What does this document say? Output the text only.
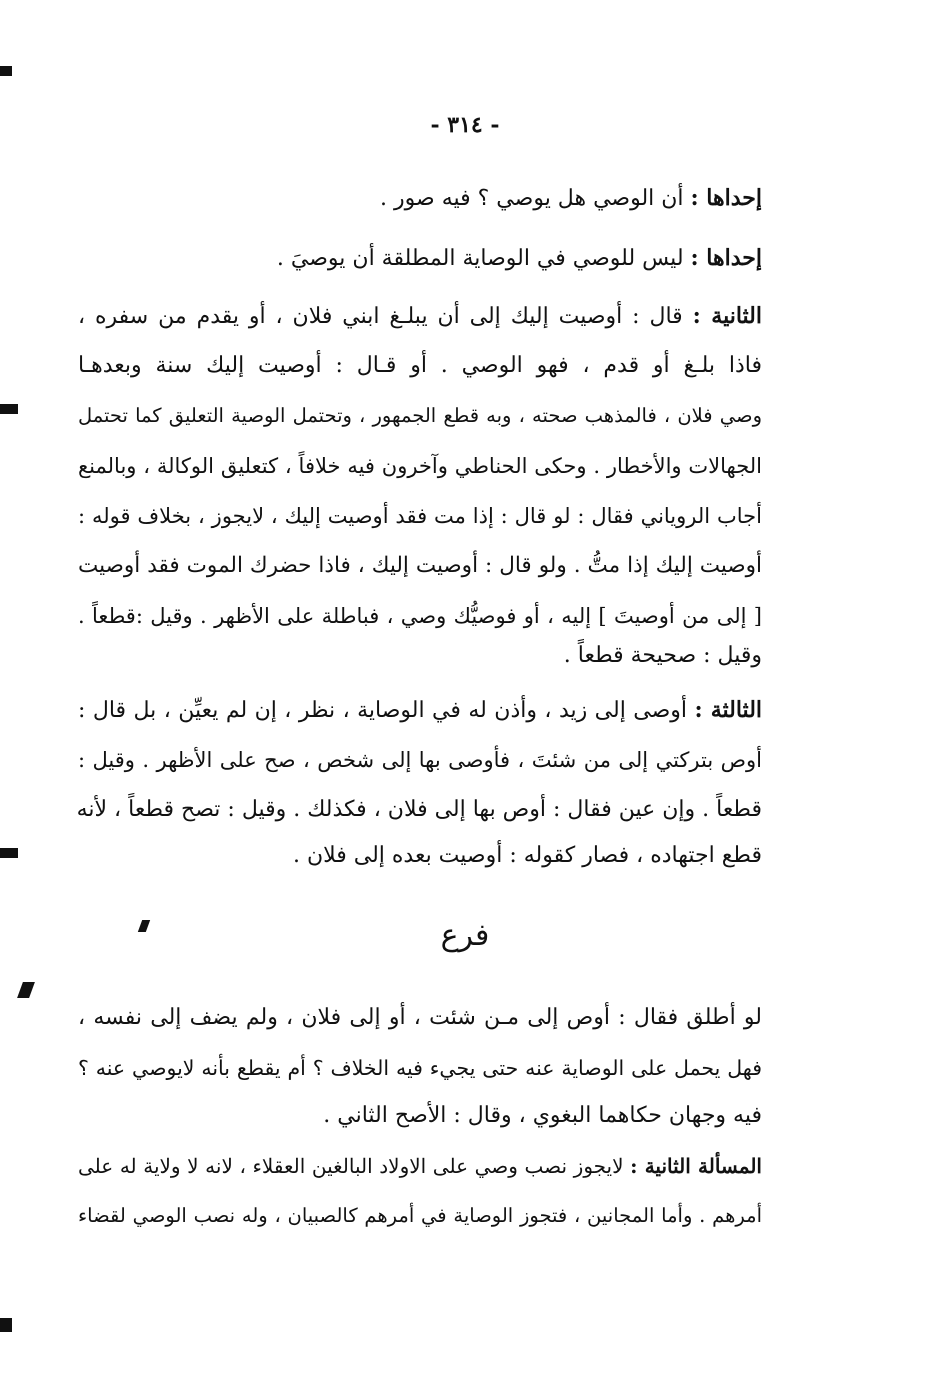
- ٣١٤ -
إحداها : أن الوصي هل يوصي ؟ فيه صور .
إحداها : ليس للوصي في الوصاية المطلقة أن يوصيَ .
الثانية : قال : أوصيت إليك إلى أن يبلـغ ابني فلان ، أو يقدم من سفره ،
فاذا بلـغ أو قدم ، فهو الوصي . أو قـال : أوصيت إليك سنة وبعدهـا
وصي فلان ، فالمذهب صحته ، وبه قطع الجمهور ، وتحتمل الوصية التعليق كما تحتمل
الجهالات والأخطار . وحكى الحناطي وآخرون فيه خلافاً ، كتعليق الوكالة ، وبالمنع
أجاب الروياني فقال : لو قال : إذا مت فقد أوصيت إليك ، لايجوز ، بخلاف قوله :
أوصيت إليك إذا متُّ . ولو قال : أوصيت إليك ، فاذا حضرك الموت فقد أوصيت
[ إلى من أوصيتَ ] إليه ، أو فوصيُّك وصي ، فباطلة على الأظهر . وقيل :قطعاً .
وقيل : صحيحة قطعاً .
الثالثة : أوصى إلى زيد ، وأذن له في الوصاية ، نظر ، إن لم يعيِّن ، بل قال :
أوص بتركتي إلى من شئتَ ، فأوصى بها إلى شخص ، صح على الأظهر . وقيل :
قطعاً . وإن عين فقال : أوص بها إلى فلان ، فكذلك . وقيل : تصح قطعاً ، لأنه
قطع اجتهاده ، فصار كقوله : أوصيت بعده إلى فلان .
لو أطلق فقال : أوص إلى مـن شئت ، أو إلى فلان ، ولم يضف إلى نفسه ،
فهل يحمل على الوصاية عنه حتى يجيء فيه الخلاف ؟ أم يقطع بأنه لايوصي عنه ؟
فيه وجهان حكاهما البغوي ، وقال : الأصح الثاني .
المسألة الثانية : لايجوز نصب وصي على الاولاد البالغين العقلاء ، لانه لا ولاية له على
أمرهم . وأما المجانين ، فتجوز الوصاية في أمرهم كالصبيان ، وله نصب الوصي لقضاء
فرع
